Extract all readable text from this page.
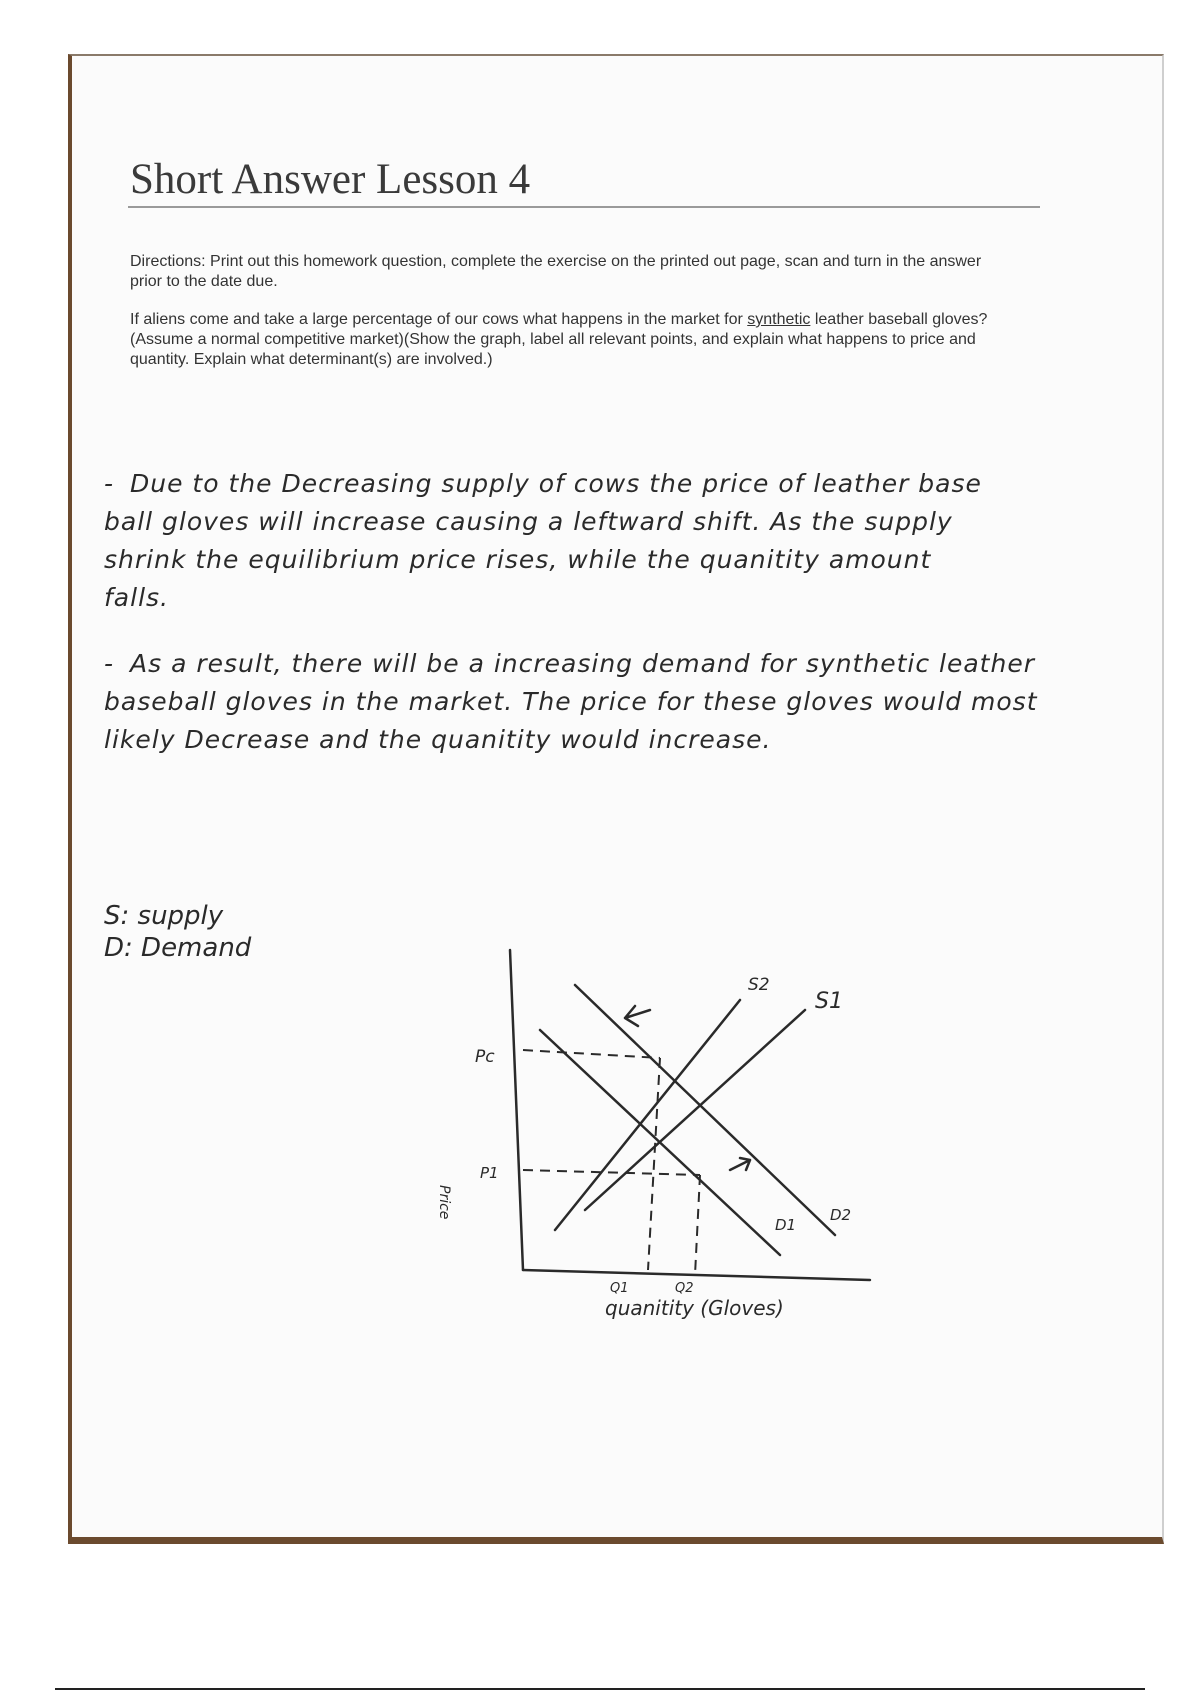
Short Answer Lesson 4
Directions: Print out this homework question, complete the exercise on the printed out page, scan and turn in the answer prior to the date due.
If aliens come and take a large percentage of our cows what happens in the market for synthetic leather baseball gloves? (Assume a normal competitive market)(Show the graph, label all relevant points, and explain what happens to price and quantity. Explain what determinant(s) are involved.)
- Due to the Decreasing supply of cows the price of leather base ball gloves will increase causing a leftward shift. As the supply shrink the equilibrium price rises, while the quanitity amount falls.
- As a result, there will be a increasing demand for synthetic leather baseball gloves in the market. The price for these gloves would most likely Decrease and the quanitity would increase.
S: supply
D: Demand
Pc
P1
Price
S2
S1
D1
D2
Q1	Q2
quanitity (Gloves)
